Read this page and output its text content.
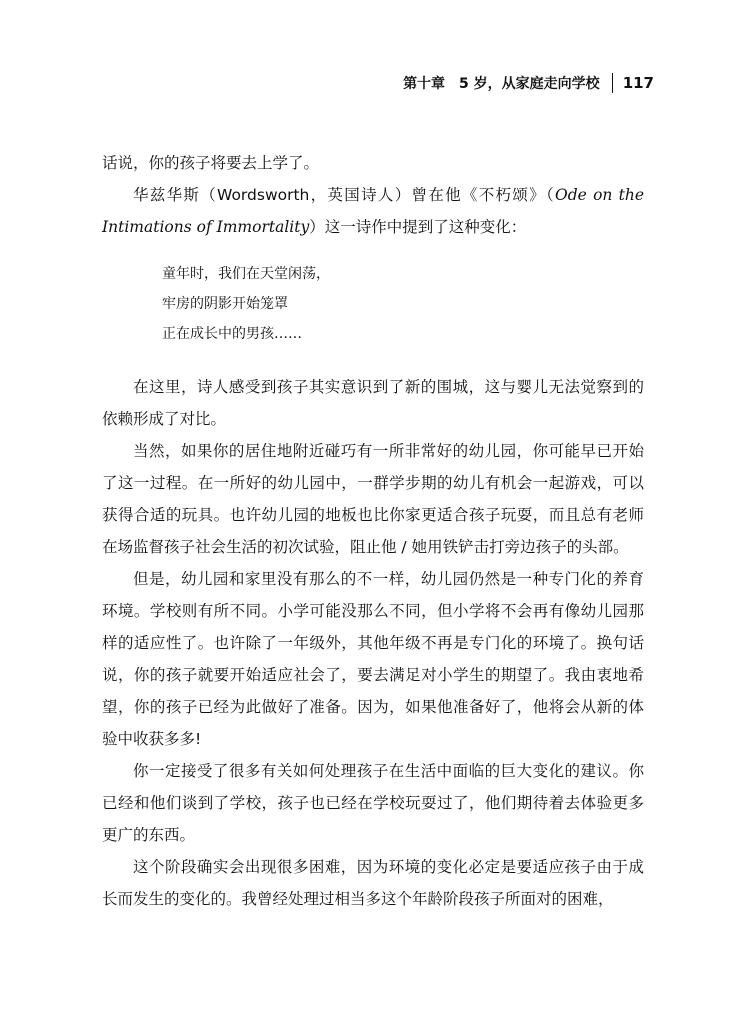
第十章　5 岁，从家庭走向学校 117

话说，你的孩子将要去上学了。

华兹华斯（Wordsworth，英国诗人）曾在他《不朽颂》（Ode on the Intimations of Immortality）这一诗作中提到了这种变化：

童年时，我们在天堂闲荡，
牢房的阴影开始笼罩
正在成长中的男孩……

在这里，诗人感受到孩子其实意识到了新的围城，这与婴儿无法觉察到的依赖形成了对比。

当然，如果你的居住地附近碰巧有一所非常好的幼儿园，你可能早已开始了这一过程。在一所好的幼儿园中，一群学步期的幼儿有机会一起游戏，可以获得合适的玩具。也许幼儿园的地板也比你家更适合孩子玩耍，而且总有老师在场监督孩子社会生活的初次试验，阻止他 / 她用铁铲击打旁边孩子的头部。

但是，幼儿园和家里没有那么的不一样，幼儿园仍然是一种专门化的养育环境。学校则有所不同。小学可能没那么不同，但小学将不会再有像幼儿园那样的适应性了。也许除了一年级外，其他年级不再是专门化的环境了。换句话说，你的孩子就要开始适应社会了，要去满足对小学生的期望了。我由衷地希望，你的孩子已经为此做好了准备。因为，如果他准备好了，他将会从新的体验中收获多多!

你一定接受了很多有关如何处理孩子在生活中面临的巨大变化的建议。你已经和他们谈到了学校，孩子也已经在学校玩耍过了，他们期待着去体验更多更广的东西。

这个阶段确实会出现很多困难，因为环境的变化必定是要适应孩子由于成长而发生的变化的。我曾经处理过相当多这个年龄阶段孩子所面对的困难，
